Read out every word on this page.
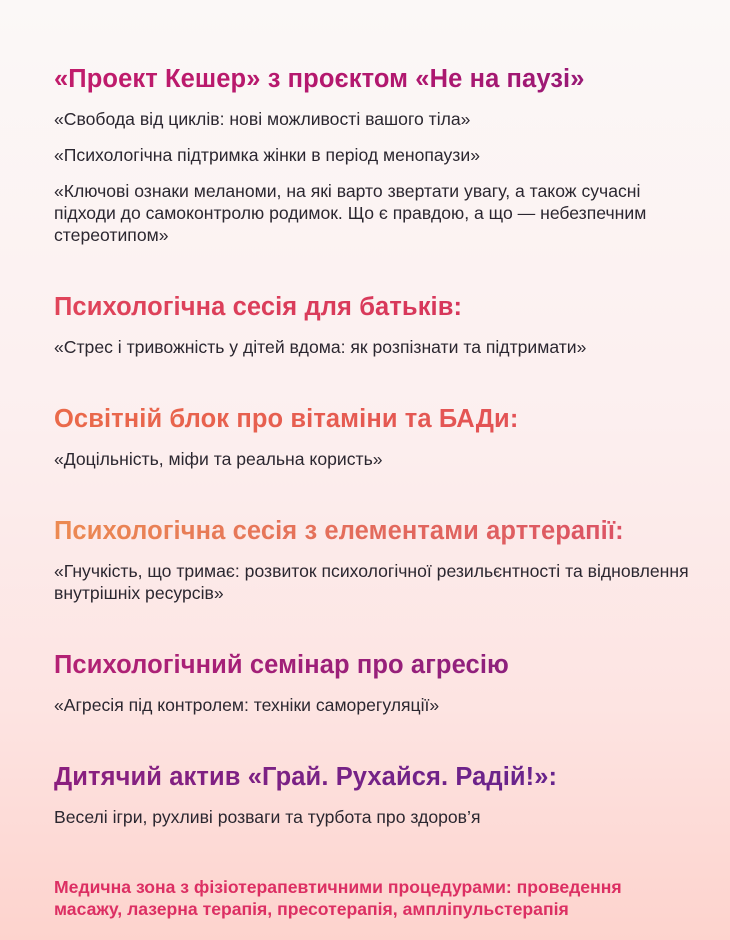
«Проект Кешер» з проєктом «Не на паузі»

«Свобода від циклів: нові можливості вашого тіла»

«Психологічна підтримка жінки в період менопаузи»

«Ключові ознаки меланоми, на які варто звертати увагу, а також сучасні підходи до самоконтролю родимок. Що є правдою, а що — небезпечним стереотипом»

Психологічна сесія для батьків:

«Стрес і тривожність у дітей вдома: як розпізнати та підтримати»

Освітній блок про вітаміни та БАДи:

«Доцільність, міфи та реальна користь»

Психологічна сесія з елементами арттерапії:

«Гнучкість, що тримає: розвиток психологічної резильєнтності та відновлення внутрішніх ресурсів»

Психологічний семінар про агресію

«Агресія під контролем: техніки саморегуляції»

Дитячий актив «Грай. Рухайся. Радій!»:

Веселі ігри, рухливі розваги та турбота про здоров’я

Медична зона з фізіотерапевтичними процедурами: проведення масажу, лазерна терапія, пресотерапія, ампліпульстерапія
